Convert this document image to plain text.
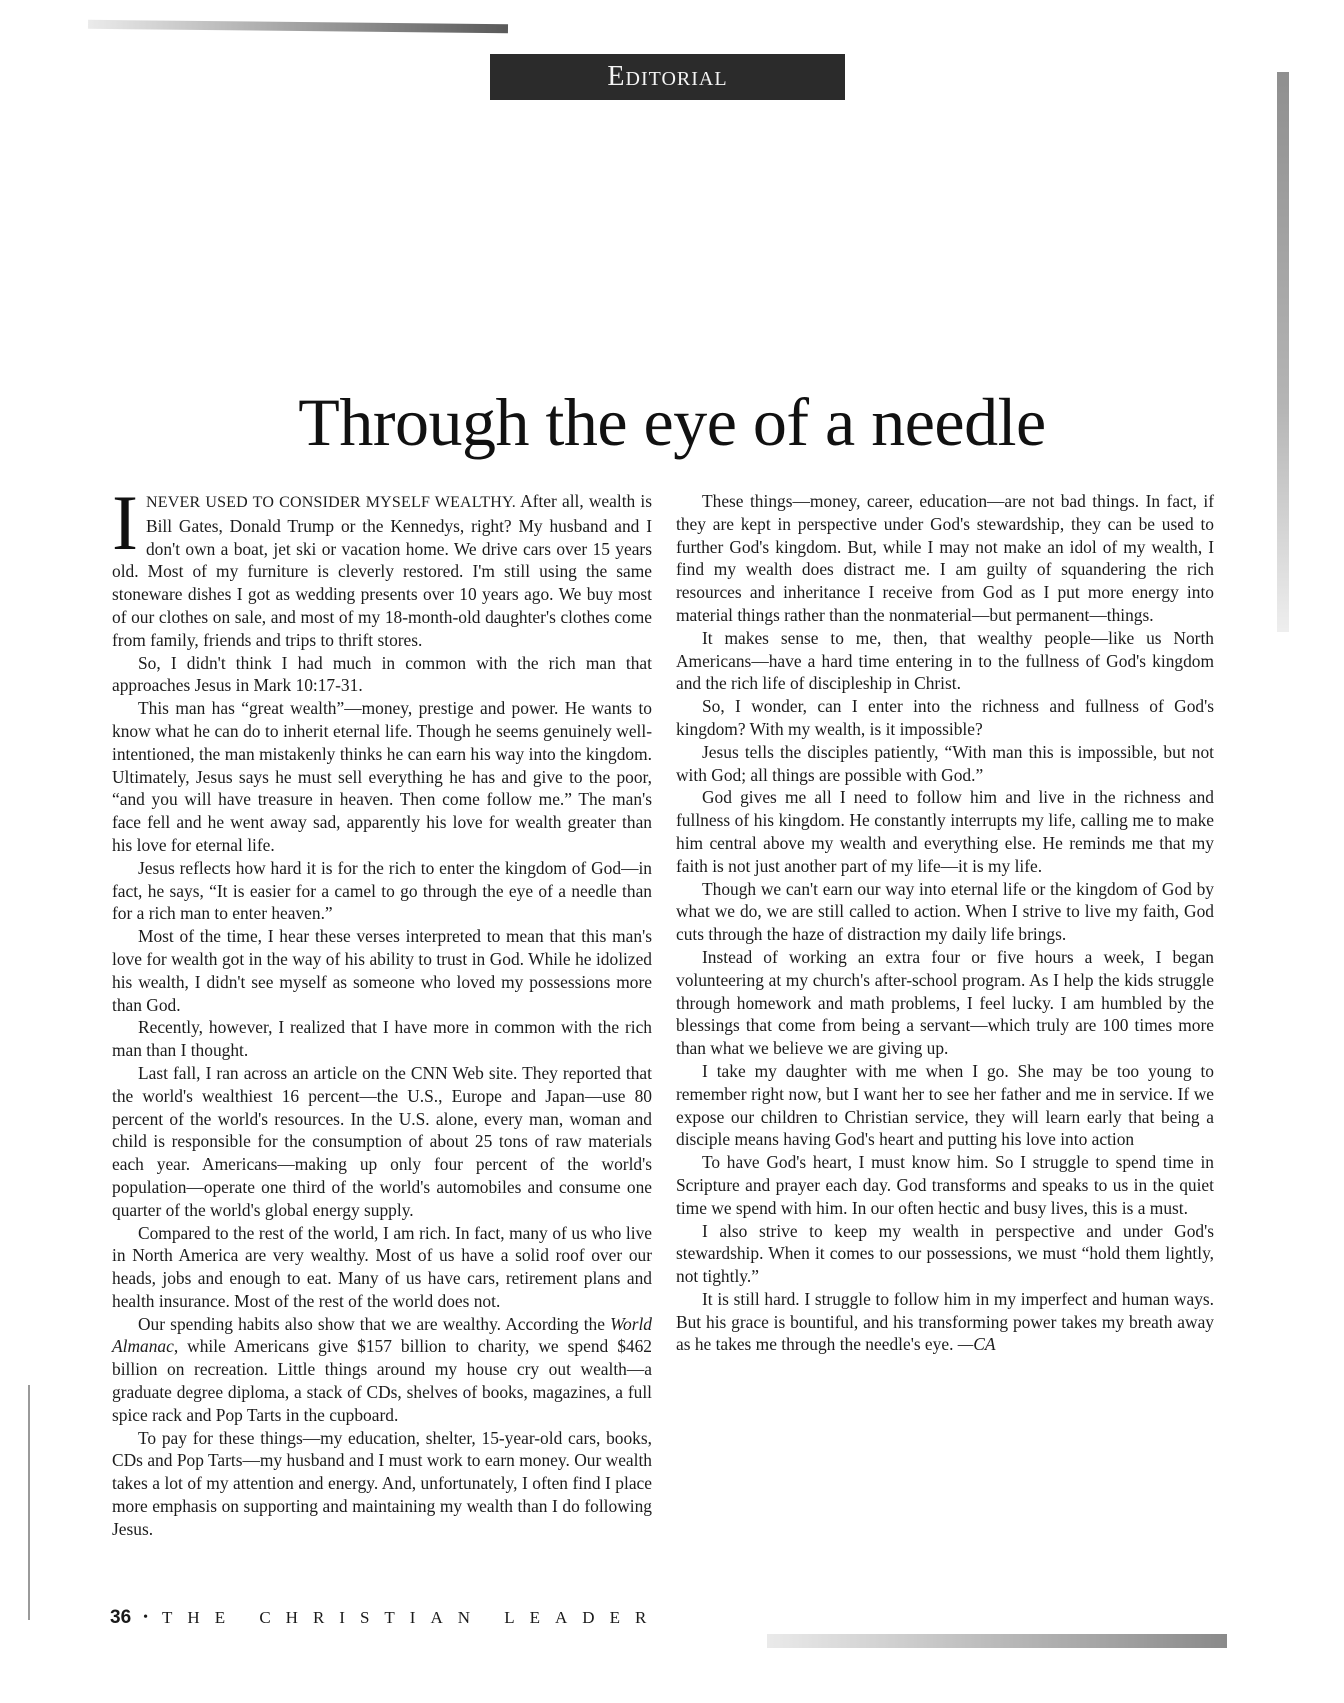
Editorial
Through the eye of a needle

INEVER USED TO CONSIDER MYSELF WEALTHY. After all, wealth is Bill Gates, Donald Trump or the Kennedys, right? My husband and I don't own a boat, jet ski or vacation home. We drive cars over 15 years old. Most of my furniture is cleverly restored. I'm still using the same stoneware dishes I got as wedding presents over 10 years ago. We buy most of our clothes on sale, and most of my 18-month-old daughter's clothes come from family, friends and trips to thrift stores.

So, I didn't think I had much in common with the rich man that approaches Jesus in Mark 10:17-31.

This man has “great wealth”—money, prestige and power. He wants to know what he can do to inherit eternal life. Though he seems genuinely well-intentioned, the man mistakenly thinks he can earn his way into the kingdom. Ultimately, Jesus says he must sell everything he has and give to the poor, “and you will have treasure in heaven. Then come follow me.” The man's face fell and he went away sad, apparently his love for wealth greater than his love for eternal life.

Jesus reflects how hard it is for the rich to enter the kingdom of God—in fact, he says, “It is easier for a camel to go through the eye of a needle than for a rich man to enter heaven.”

Most of the time, I hear these verses interpreted to mean that this man's love for wealth got in the way of his ability to trust in God. While he idolized his wealth, I didn't see myself as someone who loved my possessions more than God.

Recently, however, I realized that I have more in common with the rich man than I thought.

Last fall, I ran across an article on the CNN Web site. They reported that the world's wealthiest 16 percent—the U.S., Europe and Japan—use 80 percent of the world's resources. In the U.S. alone, every man, woman and child is responsible for the consumption of about 25 tons of raw materials each year. Americans—making up only four percent of the world's population—operate one third of the world's automobiles and consume one quarter of the world's global energy supply.

Compared to the rest of the world, I am rich. In fact, many of us who live in North America are very wealthy. Most of us have a solid roof over our heads, jobs and enough to eat. Many of us have cars, retirement plans and health insurance. Most of the rest of the world does not.

Our spending habits also show that we are wealthy. According the World Almanac, while Americans give $157 billion to charity, we spend $462 billion on recreation. Little things around my house cry out wealth—a graduate degree diploma, a stack of CDs, shelves of books, magazines, a full spice rack and Pop Tarts in the cupboard.

To pay for these things—my education, shelter, 15-year-old cars, books, CDs and Pop Tarts—my husband and I must work to earn money. Our wealth takes a lot of my attention and energy. And, unfortunately, I often find I place more emphasis on supporting and maintaining my wealth than I do following Jesus.

These things—money, career, education—are not bad things. In fact, if they are kept in perspective under God's stewardship, they can be used to further God's kingdom. But, while I may not make an idol of my wealth, I find my wealth does distract me. I am guilty of squandering the rich resources and inheritance I receive from God as I put more energy into material things rather than the nonmaterial—but permanent—things.

It makes sense to me, then, that wealthy people—like us North Americans—have a hard time entering in to the fullness of God's kingdom and the rich life of discipleship in Christ.

So, I wonder, can I enter into the richness and fullness of God's kingdom? With my wealth, is it impossible?

Jesus tells the disciples patiently, “With man this is impossible, but not with God; all things are possible with God.”

God gives me all I need to follow him and live in the richness and fullness of his kingdom. He constantly interrupts my life, calling me to make him central above my wealth and everything else. He reminds me that my faith is not just another part of my life—it is my life.

Though we can't earn our way into eternal life or the kingdom of God by what we do, we are still called to action. When I strive to live my faith, God cuts through the haze of distraction my daily life brings.

Instead of working an extra four or five hours a week, I began volunteering at my church's after-school program. As I help the kids struggle through homework and math problems, I feel lucky. I am humbled by the blessings that come from being a servant—which truly are 100 times more than what we believe we are giving up.

I take my daughter with me when I go. She may be too young to remember right now, but I want her to see her father and me in service. If we expose our children to Christian service, they will learn early that being a disciple means having God's heart and putting his love into action

To have God's heart, I must know him. So I struggle to spend time in Scripture and prayer each day. God transforms and speaks to us in the quiet time we spend with him. In our often hectic and busy lives, this is a must.

I also strive to keep my wealth in perspective and under God's stewardship. When it comes to our possessions, we must “hold them lightly, not tightly.”

It is still hard. I struggle to follow him in my imperfect and human ways. But his grace is bountiful, and his transforming power takes my breath away as he takes me through the needle's eye. —CA

36 • THE CHRISTIAN LEADER
